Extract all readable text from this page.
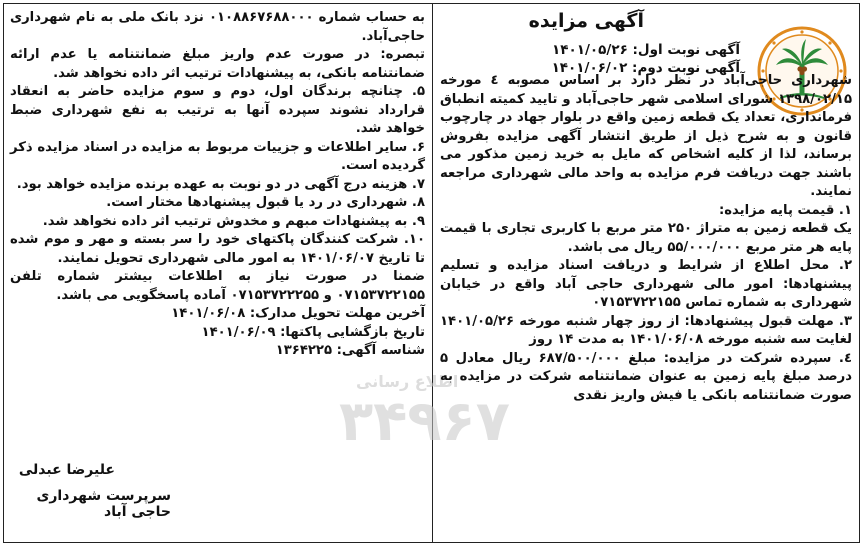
اطلاع رسانی
۳۴۹۶۷
آگهی مزایده
آگهی نوبت اول: ۱۴۰۱/۰۵/۲۶
آگهی نوبت دوم: ۱۴۰۱/۰۶/۰۲

شهرداری حاجی‌آباد در نظر دارد بر اساس مصوبه ٤ مورخه ۱۳۹۸/۰۲/۱۵ شورای اسلامی شهر حاجی‌آباد و تایید کمیته انطباق فرمانداری، تعداد یک قطعه زمین واقع در بلوار جهاد در چارچوب قانون و به شرح ذیل از طریق انتشار آگهی مزایده بفروش برساند، لذا از کلیه اشخاص که مایل به خرید زمین مذکور می باشند جهت دریافت فرم مزایده به واحد مالی شهرداری مراجعه نمایند.

۱. قیمت پایه مزایده:

یک قطعه زمین به متراژ ۲۵۰ متر مربع با کاربری تجاری با قیمت پایه هر متر مربع ۵۵/۰۰۰/۰۰۰ ریال می باشد.

۲. محل اطلاع از شرایط و دریافت اسناد مزایده و تسلیم پیشنهادها: امور مالی شهرداری حاجی آباد واقع در خیابان شهرداری به شماره تماس ۰۷۱۵۳۷۲۲۱۵۵

۳. مهلت قبول پیشنهادها: از روز چهار شنبه مورخه ۱۴۰۱/۰۵/۲۶ لغایت سه شنبه مورخه ۱۴۰۱/۰۶/۰۸ به مدت ۱۴ روز

٤. سپرده شرکت در مزایده: مبلغ ۶۸۷/۵۰۰/۰۰۰ ریال معادل ۵ درصد مبلغ پایه زمین به عنوان ضمانتنامه شرکت در مزایده به صورت ضمانتنامه بانکی یا فیش واریز نقدی

به حساب شماره ۰۱۰۸۸۶۷۶۸۸۰۰۰ نزد بانک ملی به نام شهرداری حاجی‌آباد.

تبصره: در صورت عدم واریز مبلغ ضمانتنامه یا عدم ارائه ضمانتنامه بانکی، به پیشنهادات ترتیب اثر داده نخواهد شد.

۵. چنانچه برندگان اول، دوم و سوم مزایده حاضر به انعقاد قرارداد نشوند سپرده آنها به ترتیب به نفع شهرداری ضبط خواهد شد.

۶. سایر اطلاعات و جزییات مربوط به مزایده در اسناد مزایده ذکر گردیده است.

۷. هزینه درج آگهی در دو نوبت به عهده برنده مزایده خواهد بود.

۸. شهرداری در رد یا قبول پیشنهادها مختار است.

۹. به پیشنهادات مبهم و مخدوش ترتیب اثر داده نخواهد شد.

۱۰. شرکت کنندگان پاکتهای خود را سر بسته و مهر و موم شده تا تاریخ ۱۴۰۱/۰۶/۰۷ به امور مالی شهرداری تحویل نمایند.

ضمنا در صورت نیاز به اطلاعات بیشتر شماره تلفن ۰۷۱۵۳۷۲۲۱۵۵ و ۰۷۱۵۳۷۲۲۲۵۵ آماده پاسخگویی می باشد.

آخرین مهلت تحویل مدارک: ۱۴۰۱/۰۶/۰۸

تاریخ بازگشایی پاکتها: ۱۴۰۱/۰۶/۰۹

شناسه آگهی: ۱۳۶۴۲۲۵

علیرضا عبدلی
سرپرست شهرداری حاجی آباد
